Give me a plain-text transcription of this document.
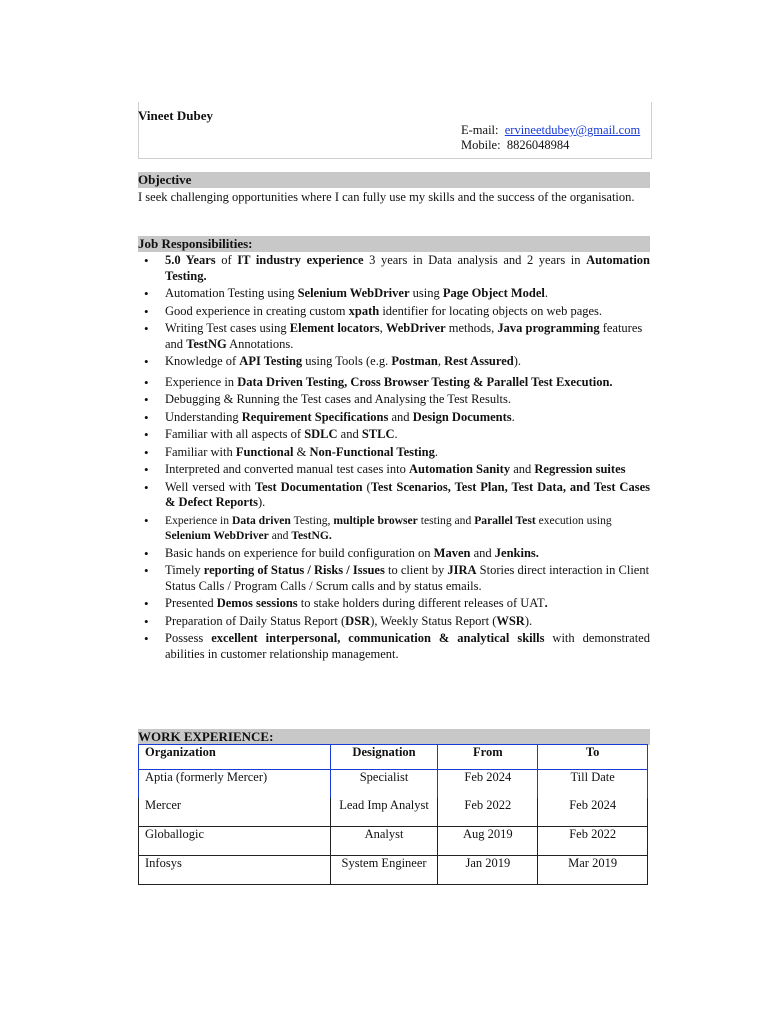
Vineet Dubey
E-mail: ervineetdubey@gmail.com
Mobile: 8826048984
Objective
I seek challenging opportunities where I can fully use my skills and the success of the organisation.
Job Responsibilities:
• 5.0 Years of IT industry experience 3 years in Data analysis and 2 years in Automation Testing.
• Automation Testing using Selenium WebDriver using Page Object Model.
• Good experience in creating custom xpath identifier for locating objects on web pages.
• Writing Test cases using Element locators, WebDriver methods, Java programming features and TestNG Annotations.
• Knowledge of API Testing using Tools (e.g. Postman, Rest Assured).
• Experience in Data Driven Testing, Cross Browser Testing & Parallel Test Execution.
• Debugging & Running the Test cases and Analysing the Test Results.
• Understanding Requirement Specifications and Design Documents.
• Familiar with all aspects of SDLC and STLC.
• Familiar with Functional & Non-Functional Testing.
• Interpreted and converted manual test cases into Automation Sanity and Regression suites
• Well versed with Test Documentation (Test Scenarios, Test Plan, Test Data, and Test Cases & Defect Reports).
• Experience in Data driven Testing, multiple browser testing and Parallel Test execution using Selenium WebDriver and TestNG.
• Basic hands on experience for build configuration on Maven and Jenkins.
• Timely reporting of Status / Risks / Issues to client by JIRA Stories direct interaction in Client Status Calls / Program Calls / Scrum calls and by status emails.
• Presented Demos sessions to stake holders during different releases of UAT.
• Preparation of Daily Status Report (DSR), Weekly Status Report (WSR).
• Possess excellent interpersonal, communication & analytical skills with demonstrated abilities in customer relationship management.
WORK EXPERIENCE:
Organization	Designation	From	To
Aptia (formerly Mercer)	Specialist	Feb 2024	Till Date
Mercer	Lead Imp Analyst	Feb 2022	Feb 2024
Globallogic	Analyst	Aug 2019	Feb 2022
Infosys	System Engineer	Jan 2019	Mar 2019
